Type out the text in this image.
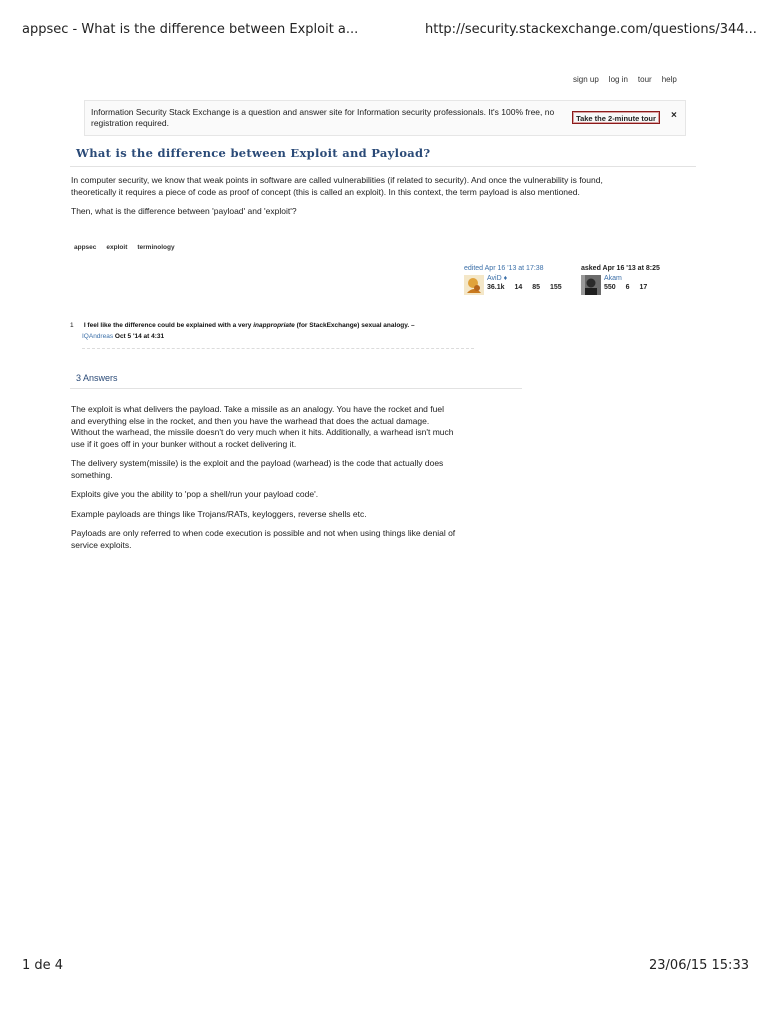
appsec - What is the difference between Exploit a...	http://security.stackexchange.com/questions/344...
sign up log in tour help
Information Security Stack Exchange is a question and answer site for Information security professionals. It's 100% free, no registration required.	Take the 2-minute tour	×
What is the difference between Exploit and Payload?

In computer security, we know that weak points in software are called vulnerabilities (if related to security). And once the vulnerability is found, theoretically it requires a piece of code as proof of concept (this is called an exploit). In this context, the term payload is also mentioned.

Then, what is the difference between 'payload' and 'exploit'?

appsec	exploit	terminology
edited Apr 16 '13 at 17:38
AviD ♦
36.1k 14 85 155
asked Apr 16 '13 at 8:25
Akam
550 6 17
1 I feel like the difference could be explained with a very inappropriate (for StackExchange) sexual analogy. –
IQAndreas Oct 5 '14 at 4:31
3 Answers

The exploit is what delivers the payload. Take a missile as an analogy. You have the rocket and fuel and everything else in the rocket, and then you have the warhead that does the actual damage. Without the warhead, the missile doesn't do very much when it hits. Additionally, a warhead isn't much use if it goes off in your bunker without a rocket delivering it.

The delivery system(missile) is the exploit and the payload (warhead) is the code that actually does something.

Exploits give you the ability to 'pop a shell/run your payload code'.

Example payloads are things like Trojans/RATs, keyloggers, reverse shells etc.

Payloads are only referred to when code execution is possible and not when using things like denial of service exploits.

1 de 4	23/06/15 15:33
